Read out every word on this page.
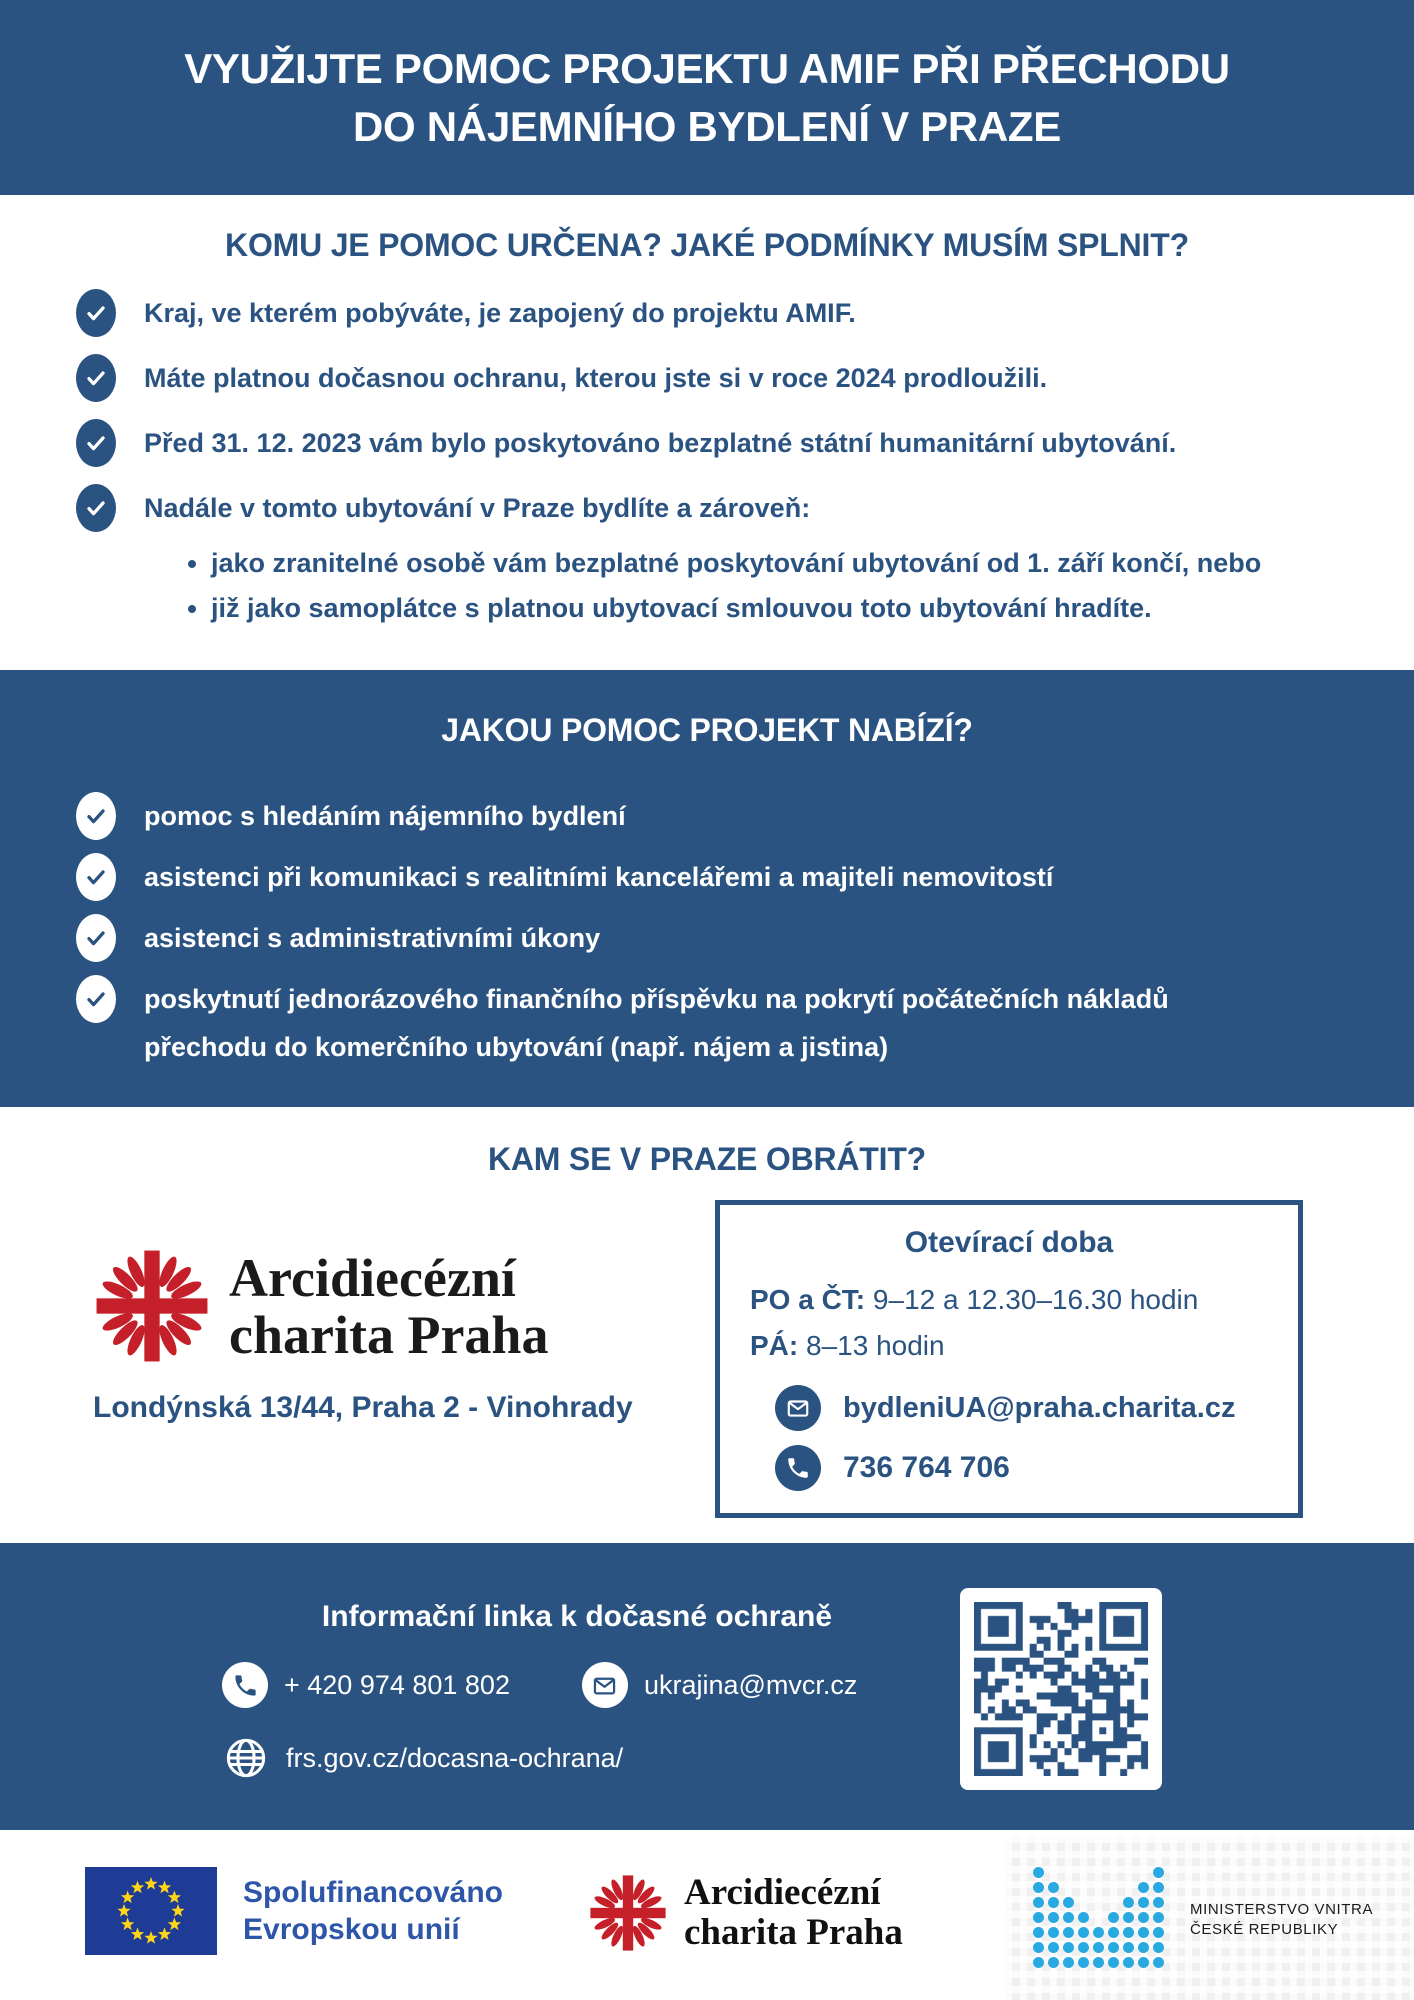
VYUŽIJTE POMOC PROJEKTU AMIF PŘI PŘECHODU
DO NÁJEMNÍHO BYDLENÍ V PRAZE
KOMU JE POMOC URČENA? JAKÉ PODMÍNKY MUSÍM SPLNIT?
Kraj, ve kterém pobýváte, je zapojený do projektu AMIF.
Máte platnou dočasnou ochranu, kterou jste si v roce 2024 prodloužili.
Před 31. 12. 2023 vám bylo poskytováno bezplatné státní humanitární ubytování.
Nadále v tomto ubytování v Praze bydlíte a zároveň:
jako zranitelné osobě vám bezplatné poskytování ubytování od 1. září končí, nebo
již jako samoplátce s platnou ubytovací smlouvou toto ubytování hradíte.
JAKOU POMOC PROJEKT NABÍZÍ?
pomoc s hledáním nájemního bydlení
asistenci při komunikaci s realitními kancelářemi a majiteli nemovitostí
asistenci s administrativními úkony
poskytnutí jednorázového finančního příspěvku na pokrytí počátečních nákladů přechodu do komerčního ubytování (např. nájem a jistina)
KAM SE V PRAZE OBRÁTIT?
Arcidiecézní
charita Praha
Londýnská 13/44, Praha 2 - Vinohrady
Otevírací doba
PO a ČT: 9–12 a 12.30–16.30 hodin
PÁ: 8–13 hodin
bydleniUA@praha.charita.cz
736 764 706
Informační linka k dočasné ochraně
+ 420 974 801 802	ukrajina@mvcr.cz
frs.gov.cz/docasna-ochrana/
Spolufinancováno
Evropskou unií
Arcidiecézní
charita Praha
MINISTERSTVO VNITRA
ČESKÉ REPUBLIKY
